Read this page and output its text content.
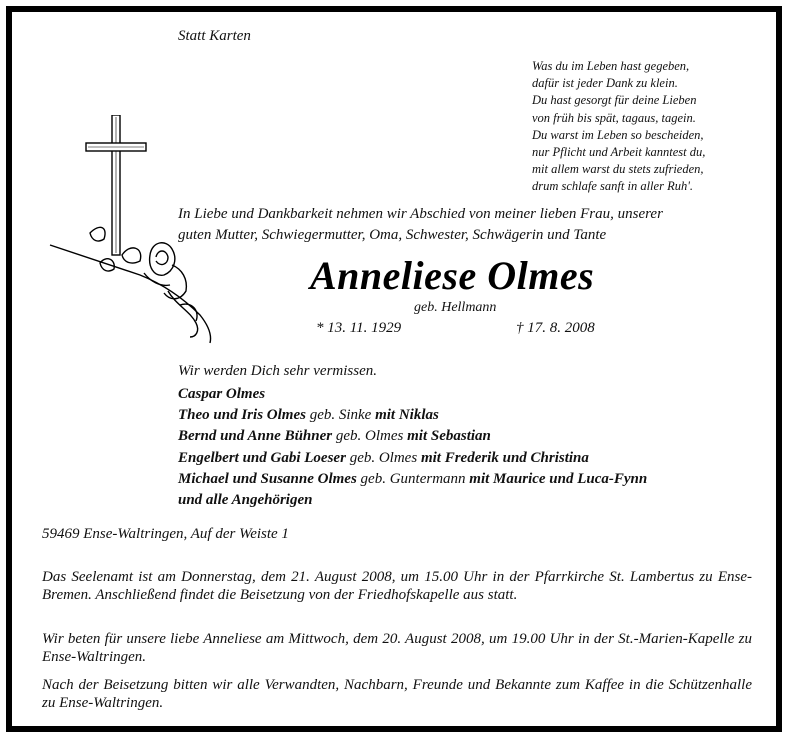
Statt Karten
Was du im Leben hast gegeben,
dafür ist jeder Dank zu klein.
Du hast gesorgt für deine Lieben
von früh bis spät, tagaus, tagein.
Du warst im Leben so bescheiden,
nur Pflicht und Arbeit kanntest du,
mit allem warst du stets zufrieden,
drum schlafe sanft in aller Ruh'.
In Liebe und Dankbarkeit nehmen wir Abschied von meiner lieben Frau, unserer
guten Mutter, Schwiegermutter, Oma, Schwester, Schwägerin und Tante
Anneliese Olmes
geb. Hellmann
* 13. 11. 1929	† 17. 8. 2008
Wir werden Dich sehr vermissen.
Caspar Olmes
Theo und Iris Olmes geb. Sinke mit Niklas
Bernd und Anne Bühner geb. Olmes mit Sebastian
Engelbert und Gabi Loeser geb. Olmes mit Frederik und Christina
Michael und Susanne Olmes geb. Guntermann mit Maurice und Luca-Fynn
und alle Angehörigen
59469 Ense-Waltringen, Auf der Weiste 1
Das Seelenamt ist am Donnerstag, dem 21. August 2008, um 15.00 Uhr in der Pfarrkirche St. Lambertus zu Ense-Bremen. Anschließend findet die Beisetzung von der Friedhofskapelle aus statt.
Wir beten für unsere liebe Anneliese am Mittwoch, dem 20. August 2008, um 19.00 Uhr in der St.-Marien-Kapelle zu Ense-Waltringen.
Nach der Beisetzung bitten wir alle Verwandten, Nachbarn, Freunde und Bekannte zum Kaffee in die Schützenhalle zu Ense-Waltringen.
